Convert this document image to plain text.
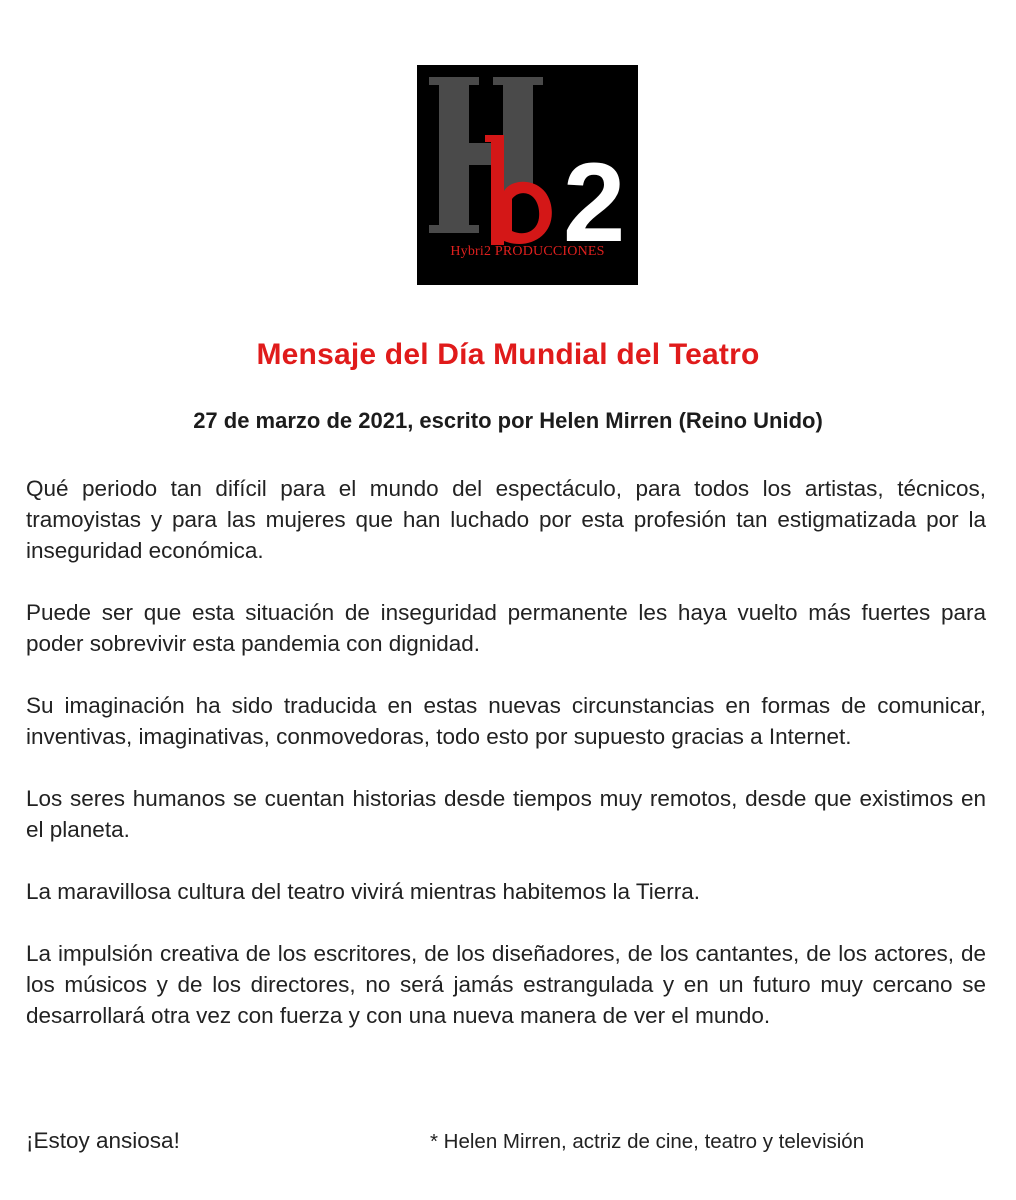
2
Hybri2 PRODUCCIONES
Mensaje del Día Mundial del Teatro
27 de marzo de 2021, escrito por Helen Mirren (Reino Unido)

Qué periodo tan difícil para el mundo del espectáculo, para todos los artistas, técnicos, tramoyistas y para las mujeres que han luchado por esta profesión tan estigmatizada por la inseguridad económica.

Puede ser que esta situación de inseguridad permanente les haya vuelto más fuertes para poder sobrevivir esta pandemia con dignidad.

Su imaginación ha sido traducida en estas nuevas circunstancias en formas de comunicar, inventivas, imaginativas, conmovedoras, todo esto por supuesto gracias a Internet.

Los seres humanos se cuentan historias desde tiempos muy remotos, desde que existimos en el planeta.

La maravillosa cultura del teatro vivirá mientras habitemos la Tierra.

La impulsión creativa de los escritores, de los diseñadores, de los cantantes, de los actores, de los músicos y de los directores, no será jamás estrangulada y en un futuro muy cercano se desarrollará otra vez con fuerza y con una nueva manera de ver el mundo.

¡Estoy ansiosa!	* Helen Mirren, actriz de cine, teatro y televisión
